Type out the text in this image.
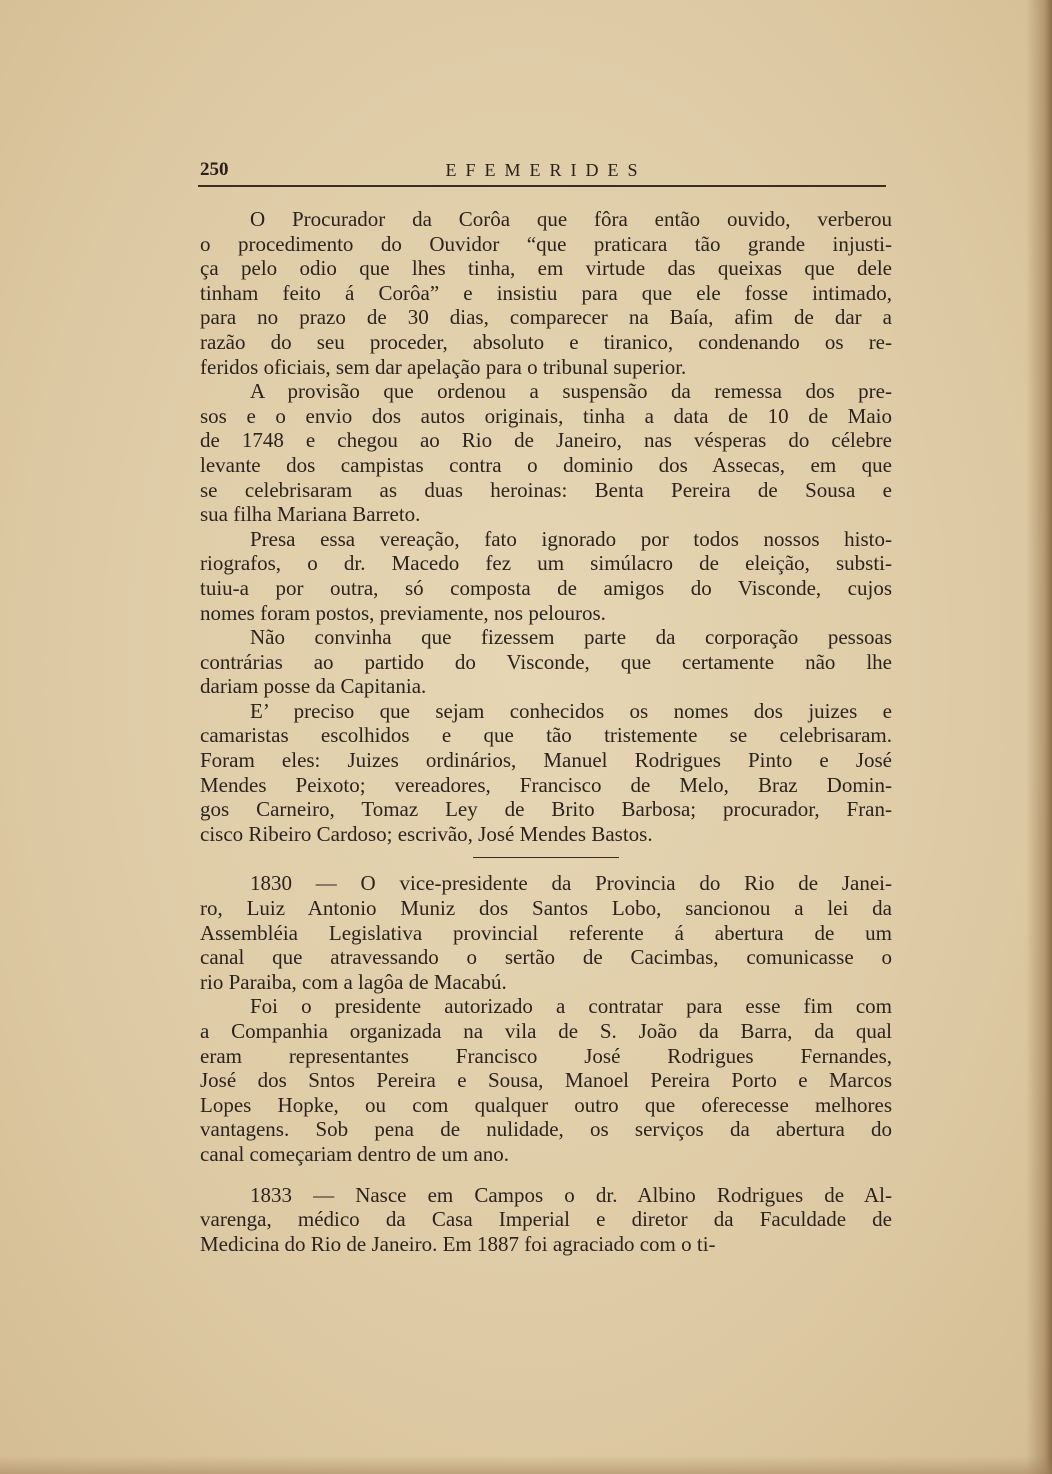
250	EFEMERIDES

O Procurador da Corôa que fôra então ouvido, verberou
o procedimento do Ouvidor “que praticara tão grande injusti-
ça pelo odio que lhes tinha, em virtude das queixas que dele
tinham feito á Corôa” e insistiu para que ele fosse intimado,
para no prazo de 30 dias, comparecer na Baía, afim de dar a
razão do seu proceder, absoluto e tiranico, condenando os re-
feridos oficiais, sem dar apelação para o tribunal superior.

A provisão que ordenou a suspensão da remessa dos pre-
sos e o envio dos autos originais, tinha a data de 10 de Maio
de 1748 e chegou ao Rio de Janeiro, nas vésperas do célebre
levante dos campistas contra o dominio dos Assecas, em que
se celebrisaram as duas heroinas: Benta Pereira de Sousa e
sua filha Mariana Barreto.

Presa essa vereação, fato ignorado por todos nossos histo-
riografos, o dr. Macedo fez um simúlacro de eleição, substi-
tuiu-a por outra, só composta de amigos do Visconde, cujos
nomes foram postos, previamente, nos pelouros.

Não convinha que fizessem parte da corporação pessoas
contrárias ao partido do Visconde, que certamente não lhe
dariam posse da Capitania.

E’ preciso que sejam conhecidos os nomes dos juizes e
camaristas escolhidos e que tão tristemente se celebrisaram.
Foram eles: Juizes ordinários, Manuel Rodrigues Pinto e José
Mendes Peixoto; vereadores, Francisco de Melo, Braz Domin-
gos Carneiro, Tomaz Ley de Brito Barbosa; procurador, Fran-
cisco Ribeiro Cardoso; escrivão, José Mendes Bastos.

1830 — O vice-presidente da Provincia do Rio de Janei-
ro, Luiz Antonio Muniz dos Santos Lobo, sancionou a lei da
Assembléia Legislativa provincial referente á abertura de um
canal que atravessando o sertão de Cacimbas, comunicasse o
rio Paraiba, com a lagôa de Macabú.

Foi o presidente autorizado a contratar para esse fim com
a Companhia organizada na vila de S. João da Barra, da qual
eram representantes Francisco José Rodrigues Fernandes,
José dos Sntos Pereira e Sousa, Manoel Pereira Porto e Marcos
Lopes Hopke, ou com qualquer outro que oferecesse melhores
vantagens. Sob pena de nulidade, os serviços da abertura do
canal começariam dentro de um ano.

1833 — Nasce em Campos o dr. Albino Rodrigues de Al-
varenga, médico da Casa Imperial e diretor da Faculdade de
Medicina do Rio de Janeiro. Em 1887 foi agraciado com o ti-
